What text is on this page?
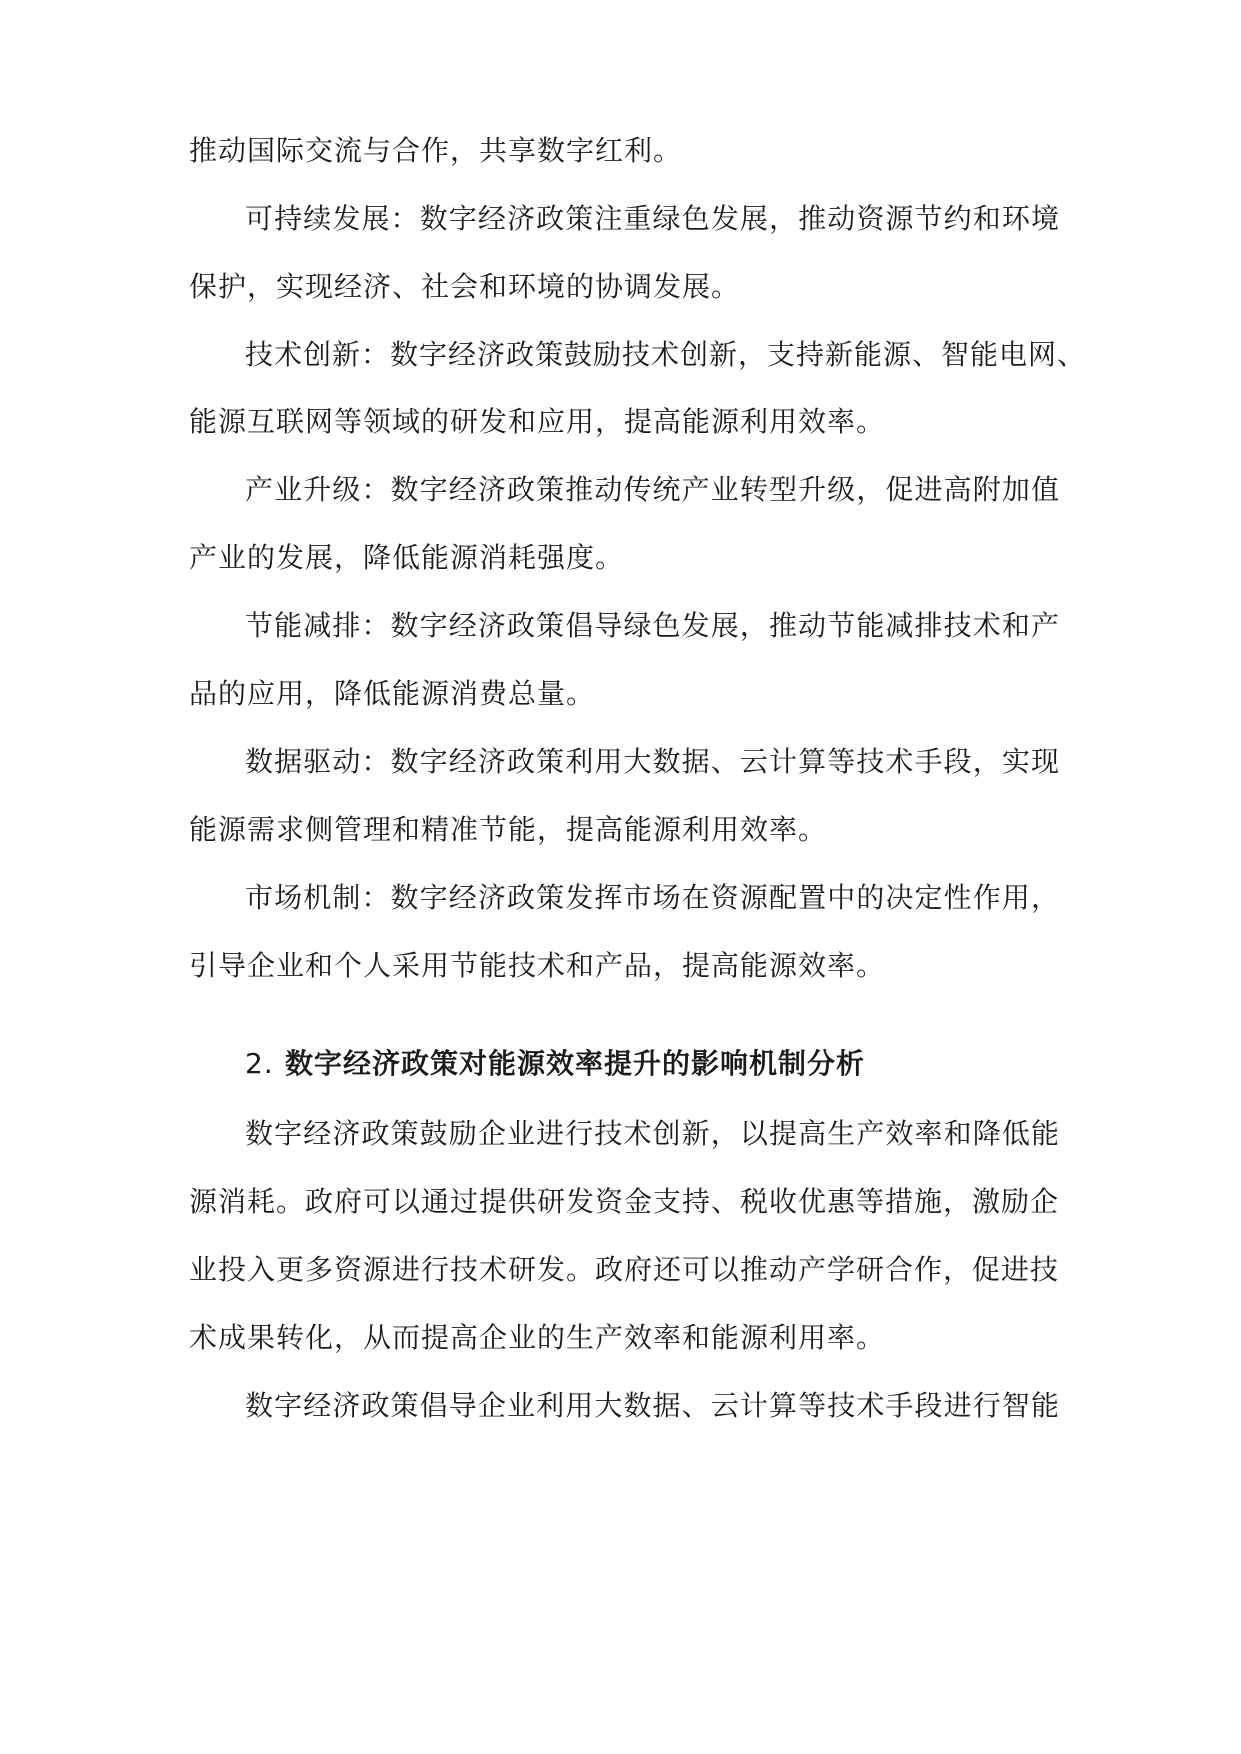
推动国际交流与合作，共享数字红利。
可持续发展：数字经济政策注重绿色发展，推动资源节约和环境
保护，实现经济、社会和环境的协调发展。
技术创新：数字经济政策鼓励技术创新，支持新能源、智能电网、
能源互联网等领域的研发和应用，提高能源利用效率。
产业升级：数字经济政策推动传统产业转型升级，促进高附加值
产业的发展，降低能源消耗强度。
节能减排：数字经济政策倡导绿色发展，推动节能减排技术和产
品的应用，降低能源消费总量。
数据驱动：数字经济政策利用大数据、云计算等技术手段，实现
能源需求侧管理和精准节能，提高能源利用效率。
市场机制：数字经济政策发挥市场在资源配置中的决定性作用，
引导企业和个人采用节能技术和产品，提高能源效率。
2. 数字经济政策对能源效率提升的影响机制分析
数字经济政策鼓励企业进行技术创新，以提高生产效率和降低能
源消耗。政府可以通过提供研发资金支持、税收优惠等措施，激励企
业投入更多资源进行技术研发。政府还可以推动产学研合作，促进技
术成果转化，从而提高企业的生产效率和能源利用率。
数字经济政策倡导企业利用大数据、云计算等技术手段进行智能
